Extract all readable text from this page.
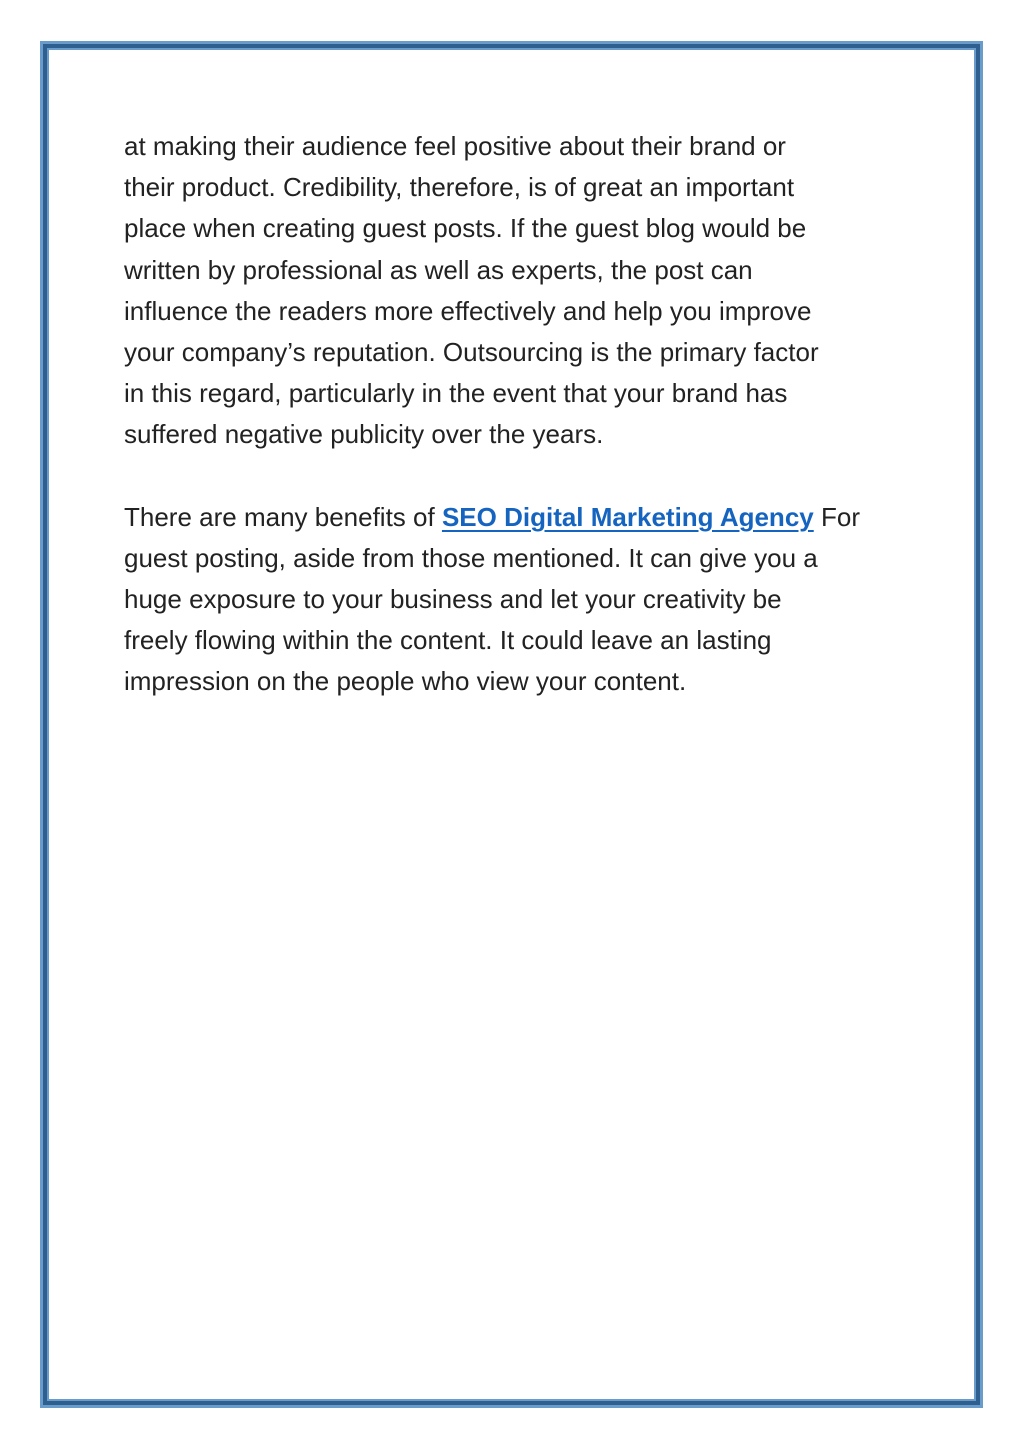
at making their audience feel positive about their brand or
their product. Credibility, therefore, is of great an important
place when creating guest posts. If the guest blog would be
written by professional as well as experts, the post can
influence the readers more effectively and help you improve
your company’s reputation. Outsourcing is the primary factor
in this regard, particularly in the event that your brand has
suffered negative publicity over the years.

There are many benefits of SEO Digital Marketing Agency For
guest posting, aside from those mentioned. It can give you a
huge exposure to your business and let your creativity be
freely flowing within the content. It could leave an lasting
impression on the people who view your content.
